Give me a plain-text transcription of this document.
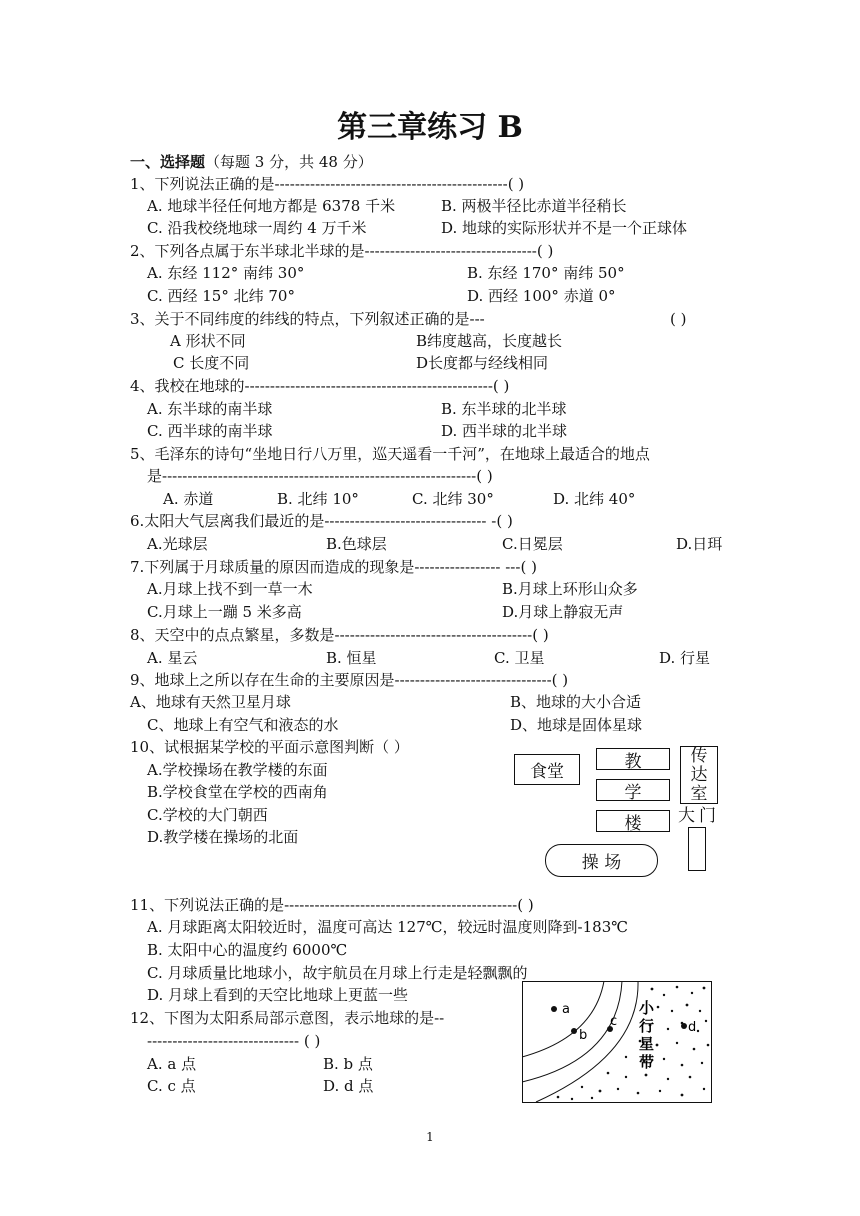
第三章练习 B
一、选择题（每题 3 分，共 48 分）
1、下列说法正确的是----------------------------------------------( )
A. 地球半径任何地方都是 6378 千米	B. 两极半径比赤道半径稍长
C. 沿我校绕地球一周约 4 万千米	D. 地球的实际形状并不是一个正球体
2、下列各点属于东半球北半球的是----------------------------------( )
A. 东经 112° 南纬 30°	B. 东经 170° 南纬 50°
C. 西经 15° 北纬 70°	D. 西经 100° 赤道 0°
3、关于不同纬度的纬线的特点，下列叙述正确的是---	( )
A 形状不同	B纬度越高，长度越长
C 长度不同	D长度都与经线相同
4、我校在地球的-------------------------------------------------( )
A. 东半球的南半球	B. 东半球的北半球
C. 西半球的南半球	D. 西半球的北半球
5、毛泽东的诗句“坐地日行八万里，巡天遥看一千河”，在地球上最适合的地点
是--------------------------------------------------------------( )
A. 赤道	B. 北纬 10°	C. 北纬 30°	D. 北纬 40°
6.太阳大气层离我们最近的是-------------------------------- -( )
A.光球层	B.色球层	C.日冕层	D.日珥
7.下列属于月球质量的原因而造成的现象是----------------- ---( )
A.月球上找不到一草一木	B.月球上环形山众多
C.月球上一蹦 5 米多高	D.月球上静寂无声
8、天空中的点点繁星，多数是---------------------------------------( )
A. 星云	B. 恒星	C. 卫星	D. 行星
9、地球上之所以存在生命的主要原因是-------------------------------( )
A、地球有天然卫星月球	B、地球的大小合适
C、地球上有空气和液态的水	D、地球是固体星球
10、试根据某学校的平面示意图判断（ ）
A.学校操场在教学楼的东面
B.学校食堂在学校的西南角
C.学校的大门朝西
D.教学楼在操场的北面
食堂
教
学
楼
传达室
大门
操 场
11、下列说法正确的是----------------------------------------------( )
A. 月球距离太阳较近时，温度可高达 127℃，较远时温度则降到-183℃
B. 太阳中心的温度约 6000℃
C. 月球质量比地球小，故宇航员在月球上行走是轻飘飘的
D. 月球上看到的天空比地球上更蓝一些
12、下图为太阳系局部示意图，表示地球的是--
------------------------------ ( )
A. a 点	B. b 点
C. c 点	D. d 点
a
b
c	d
小 行 星 带
1
